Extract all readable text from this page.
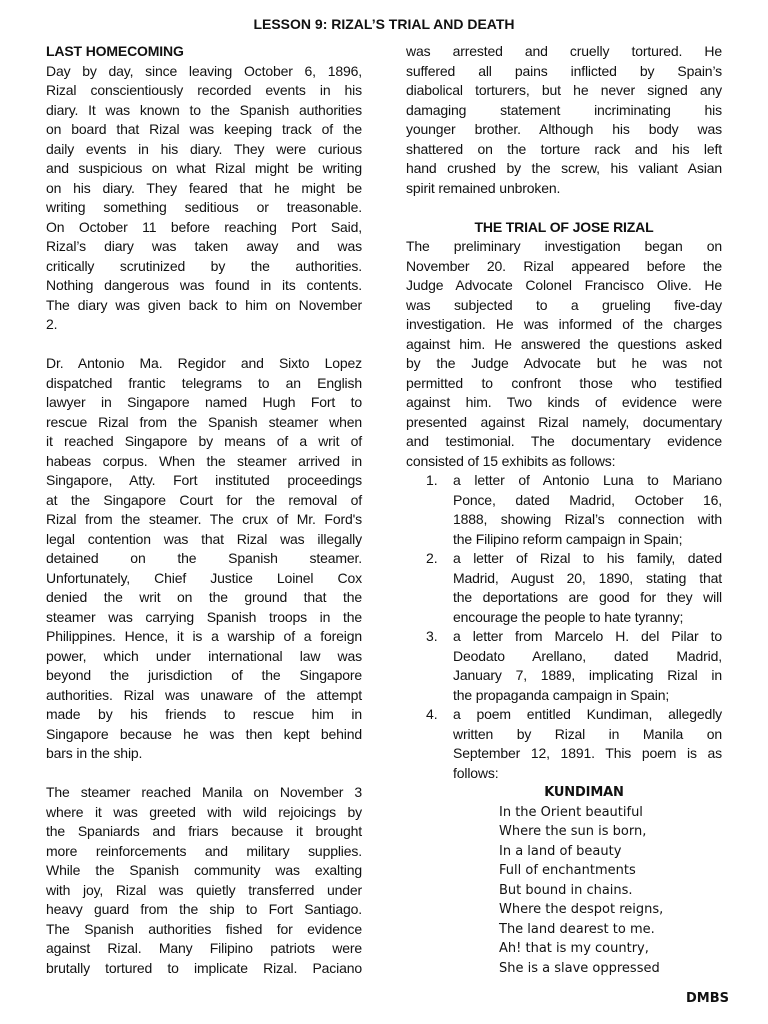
LESSON 9: RIZAL’S TRIAL AND DEATH
LAST HOMECOMING
Day by day, since leaving October 6, 1896,
Rizal conscientiously recorded events in his
diary. It was known to the Spanish authorities
on board that Rizal was keeping track of the
daily events in his diary. They were curious
and suspicious on what Rizal might be writing
on his diary. They feared that he might be
writing something seditious or treasonable.
On October 11 before reaching Port Said,
Rizal’s diary was taken away and was
critically scrutinized by the authorities.
Nothing dangerous was found in its contents.
The diary was given back to him on November
2.
Dr. Antonio Ma. Regidor and Sixto Lopez
dispatched frantic telegrams to an English
lawyer in Singapore named Hugh Fort to
rescue Rizal from the Spanish steamer when
it reached Singapore by means of a writ of
habeas corpus. When the steamer arrived in
Singapore, Atty. Fort instituted proceedings
at the Singapore Court for the removal of
Rizal from the steamer. The crux of Mr. Ford's
legal contention was that Rizal was illegally
detained on the Spanish steamer.
Unfortunately, Chief Justice Loinel Cox
denied the writ on the ground that the
steamer was carrying Spanish troops in the
Philippines. Hence, it is a warship of a foreign
power, which under international law was
beyond the jurisdiction of the Singapore
authorities. Rizal was unaware of the attempt
made by his friends to rescue him in
Singapore because he was then kept behind
bars in the ship.
The steamer reached Manila on November 3
where it was greeted with wild rejoicings by
the Spaniards and friars because it brought
more reinforcements and military supplies.
While the Spanish community was exalting
with joy, Rizal was quietly transferred under
heavy guard from the ship to Fort Santiago.
The Spanish authorities fished for evidence
against Rizal. Many Filipino patriots were
brutally tortured to implicate Rizal. Paciano
was arrested and cruelly tortured. He
suffered all pains inflicted by Spain’s
diabolical torturers, but he never signed any
damaging statement incriminating his
younger brother. Although his body was
shattered on the torture rack and his left
hand crushed by the screw, his valiant Asian
spirit remained unbroken.
THE TRIAL OF JOSE RIZAL
The preliminary investigation began on
November 20. Rizal appeared before the
Judge Advocate Colonel Francisco Olive. He
was subjected to a grueling five-day
investigation. He was informed of the charges
against him. He answered the questions asked
by the Judge Advocate but he was not
permitted to confront those who testified
against him. Two kinds of evidence were
presented against Rizal namely, documentary
and testimonial. The documentary evidence
consisted of 15 exhibits as follows:
1. a letter of Antonio Luna to Mariano
Ponce, dated Madrid, October 16,
1888, showing Rizal’s connection with
the Filipino reform campaign in Spain;
2. a letter of Rizal to his family, dated
Madrid, August 20, 1890, stating that
the deportations are good for they will
encourage the people to hate tyranny;
3. a letter from Marcelo H. del Pilar to
Deodato Arellano, dated Madrid,
January 7, 1889, implicating Rizal in
the propaganda campaign in Spain;
4. a poem entitled Kundiman, allegedly
written by Rizal in Manila on
September 12, 1891. This poem is as
follows:
KUNDIMAN
In the Orient beautiful
Where the sun is born,
In a land of beauty
Full of enchantments
But bound in chains.
Where the despot reigns,
The land dearest to me.
Ah! that is my country,
She is a slave oppressed
DMBS
